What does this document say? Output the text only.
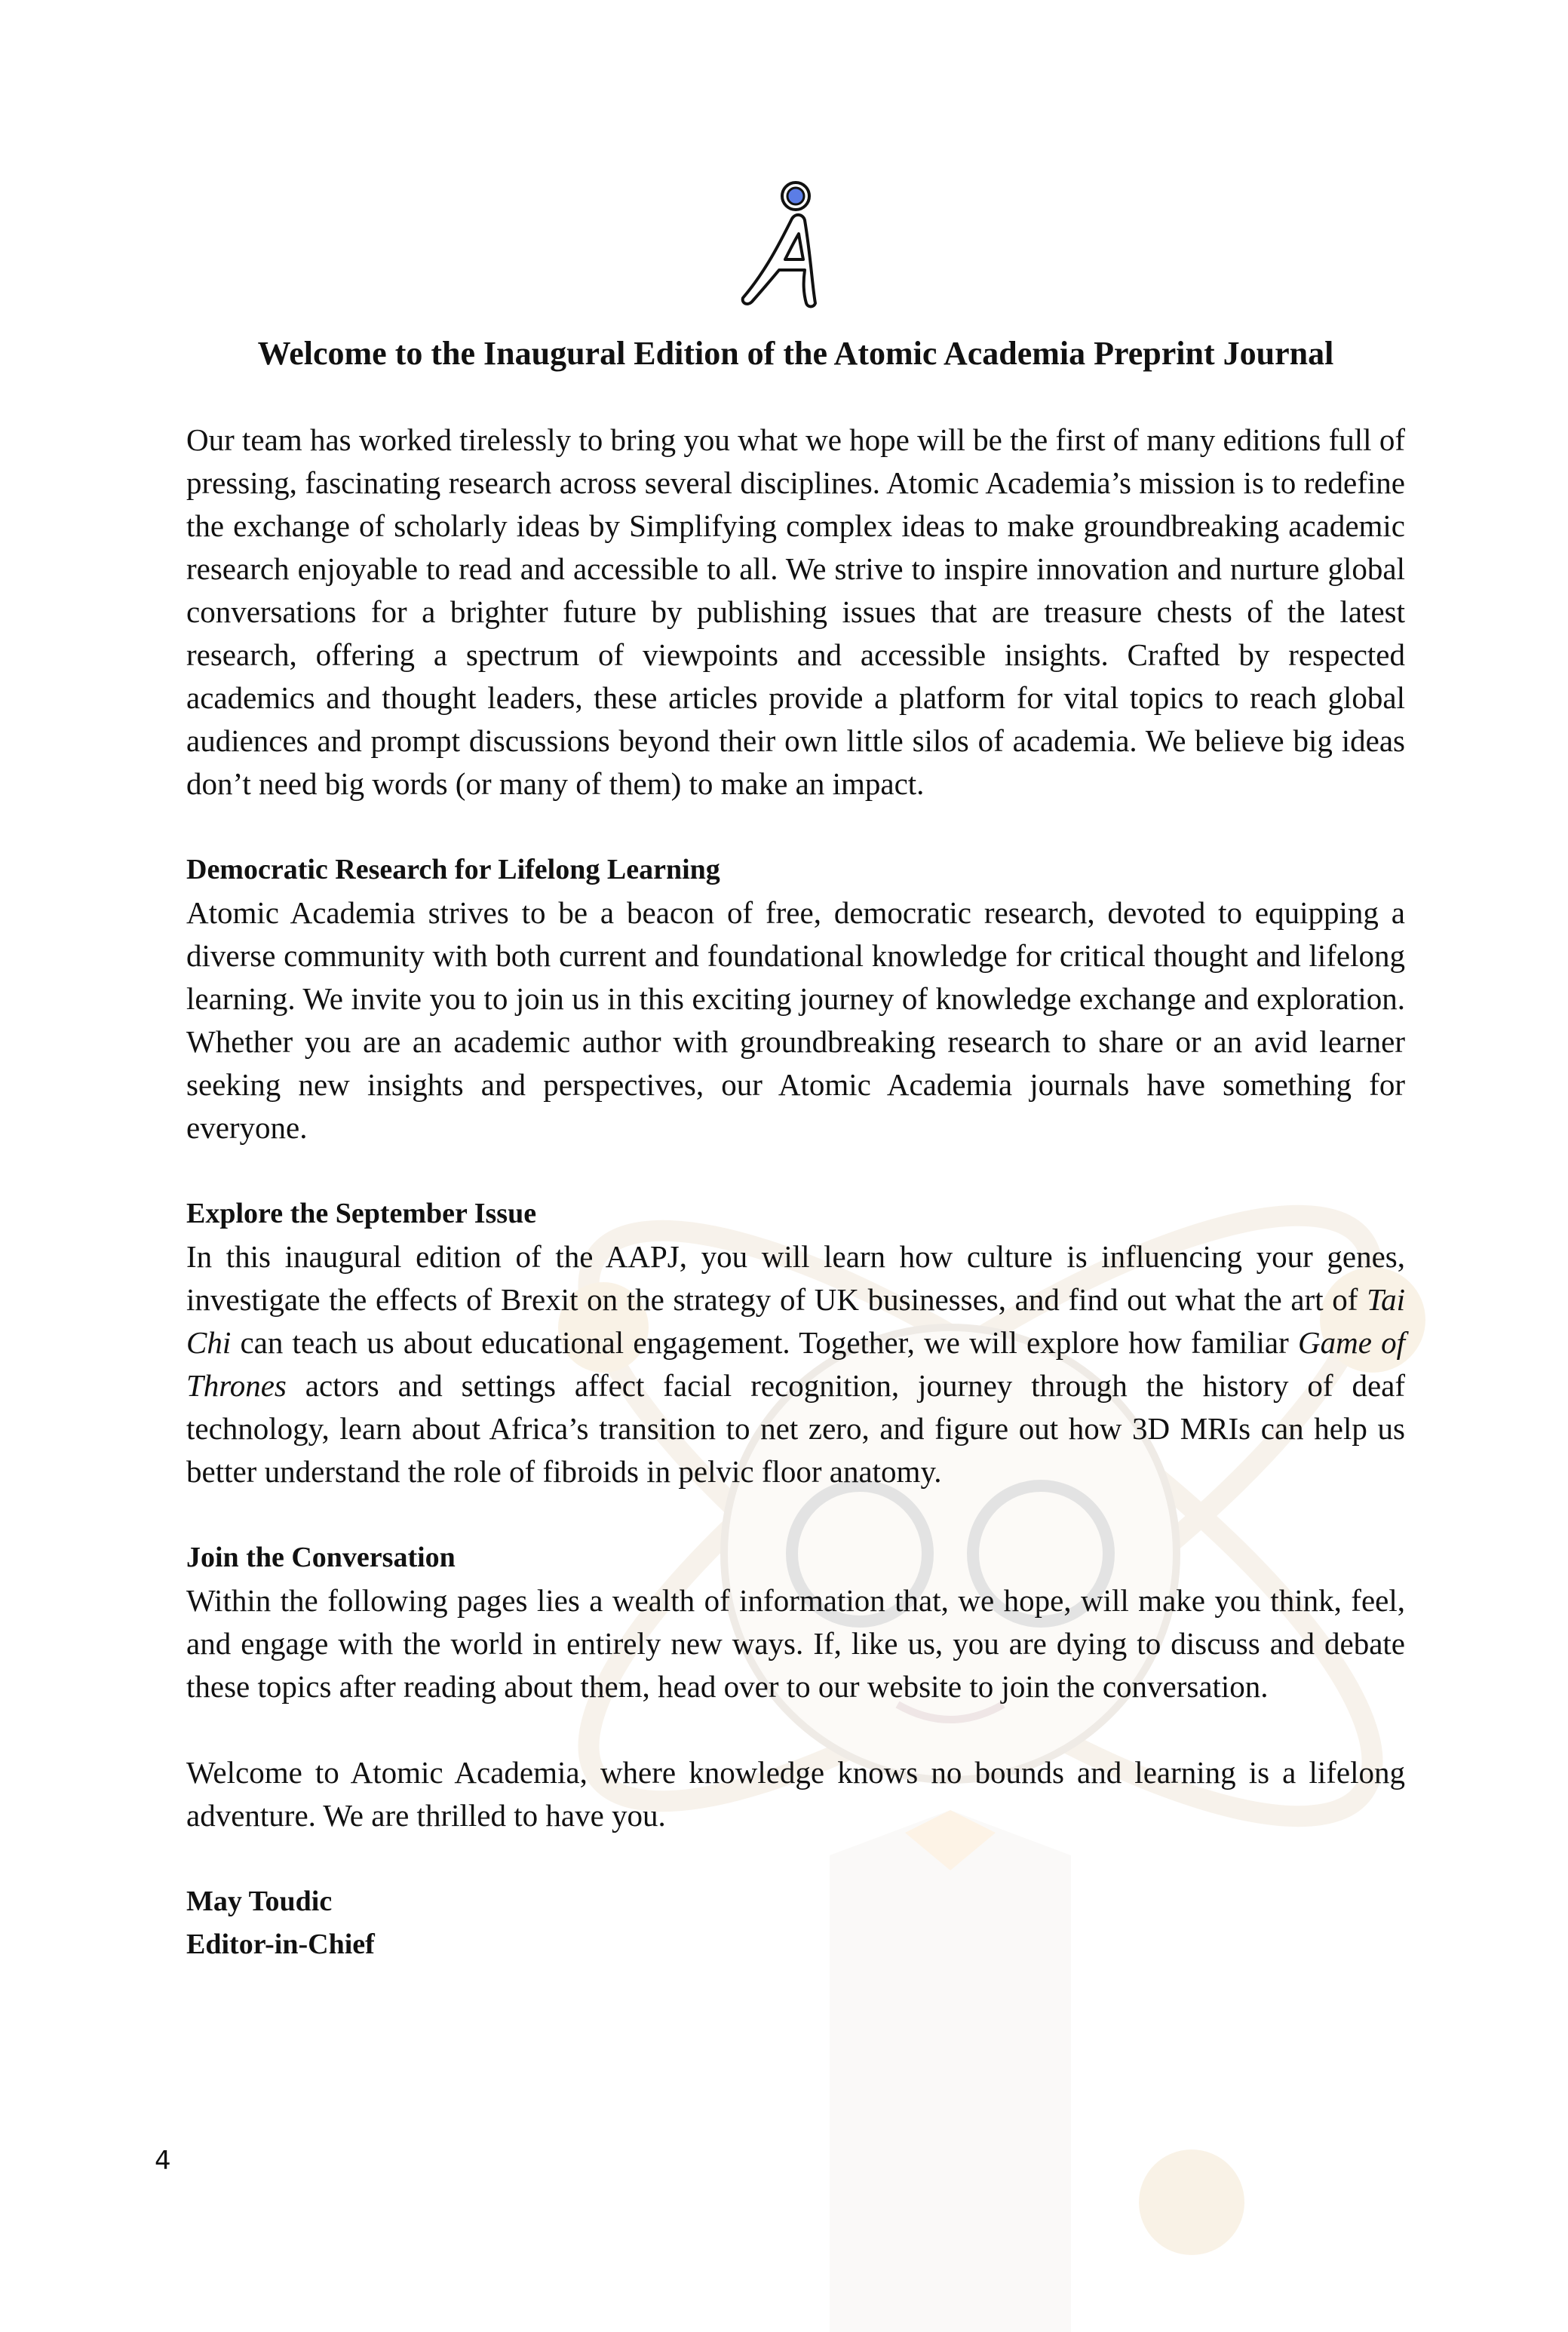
Welcome to the Inaugural Edition of the Atomic Academia Preprint Journal

Our team has worked tirelessly to bring you what we hope will be the first of many editions full of pressing, fascinating research across several disciplines. Atomic Academia’s mission is to redefine the exchange of scholarly ideas by Simplifying complex ideas to make groundbreaking academic research enjoyable to read and accessible to all. We strive to inspire innovation and nurture global conversations for a brighter future by publishing issues that are treasure chests of the latest research, offering a spectrum of viewpoints and accessible insights. Crafted by respected academics and thought leaders, these articles provide a platform for vital topics to reach global audiences and prompt discussions beyond their own little silos of academia. We believe big ideas don’t need big words (or many of them) to make an impact.

Democratic Research for Lifelong Learning

Atomic Academia strives to be a beacon of free, democratic research, devoted to equipping a diverse community with both current and foundational knowledge for critical thought and lifelong learning. We invite you to join us in this exciting journey of knowledge exchange and exploration. Whether you are an academic author with groundbreaking research to share or an avid learner seeking new insights and perspectives, our Atomic Academia journals have something for everyone.

Explore the September Issue

In this inaugural edition of the AAPJ, you will learn how culture is influencing your genes, investigate the effects of Brexit on the strategy of UK businesses, and find out what the art of Tai Chi can teach us about educational engagement. Together, we will explore how familiar Game of Thrones actors and settings affect facial recognition, journey through the history of deaf technology, learn about Africa’s transition to net zero, and figure out how 3D MRIs can help us better understand the role of fibroids in pelvic floor anatomy.

Join the Conversation

Within the following pages lies a wealth of information that, we hope, will make you think, feel, and engage with the world in entirely new ways. If, like us, you are dying to discuss and debate these topics after reading about them, head over to our website to join the conversation.

Welcome to Atomic Academia, where knowledge knows no bounds and learning is a lifelong adventure. We are thrilled to have you.

May Toudic
Editor-in-Chief
4
